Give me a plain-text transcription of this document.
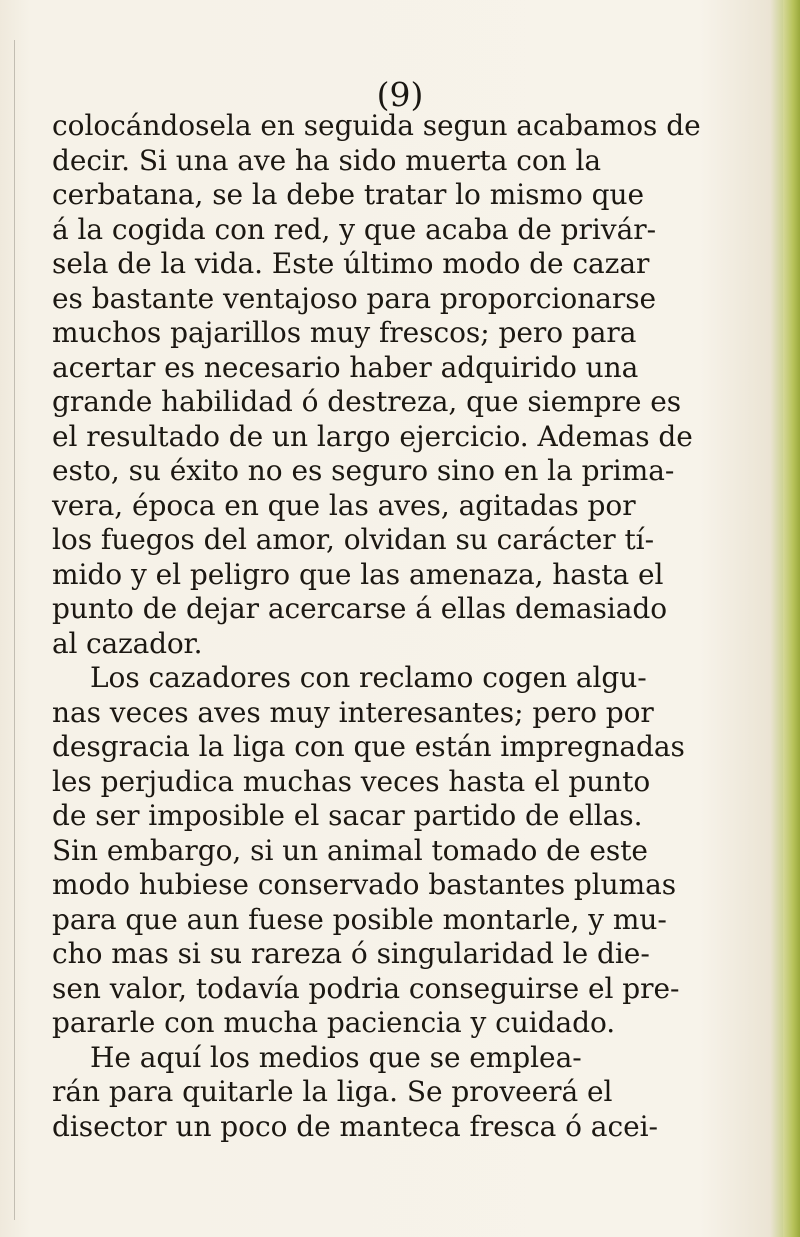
(9)
colocándosela en seguida segun acabamos de
decir. Si una ave ha sido muerta con la
cerbatana, se la debe tratar lo mismo que
á la cogida con red, y que acaba de privár-
sela de la vida. Este último modo de cazar
es bastante ventajoso para proporcionarse
muchos pajarillos muy frescos; pero para
acertar es necesario haber adquirido una
grande habilidad ó destreza, que siempre es
el resultado de un largo ejercicio. Ademas de
esto, su éxito no es seguro sino en la prima-
vera, época en que las aves, agitadas por
los fuegos del amor, olvidan su carácter tí-
mido y el peligro que las amenaza, hasta el
punto de dejar acercarse á ellas demasiado
al cazador.
Los cazadores con reclamo cogen algu-
nas veces aves muy interesantes; pero por
desgracia la liga con que están impregnadas
les perjudica muchas veces hasta el punto
de ser imposible el sacar partido de ellas.
Sin embargo, si un animal tomado de este
modo hubiese conservado bastantes plumas
para que aun fuese posible montarle, y mu-
cho mas si su rareza ó singularidad le die-
sen valor, todavía podria conseguirse el pre-
pararle con mucha paciencia y cuidado.
He aquí los medios que se emplea-
rán para quitarle la liga. Se proveerá el
disector un poco de manteca fresca ó acei-
